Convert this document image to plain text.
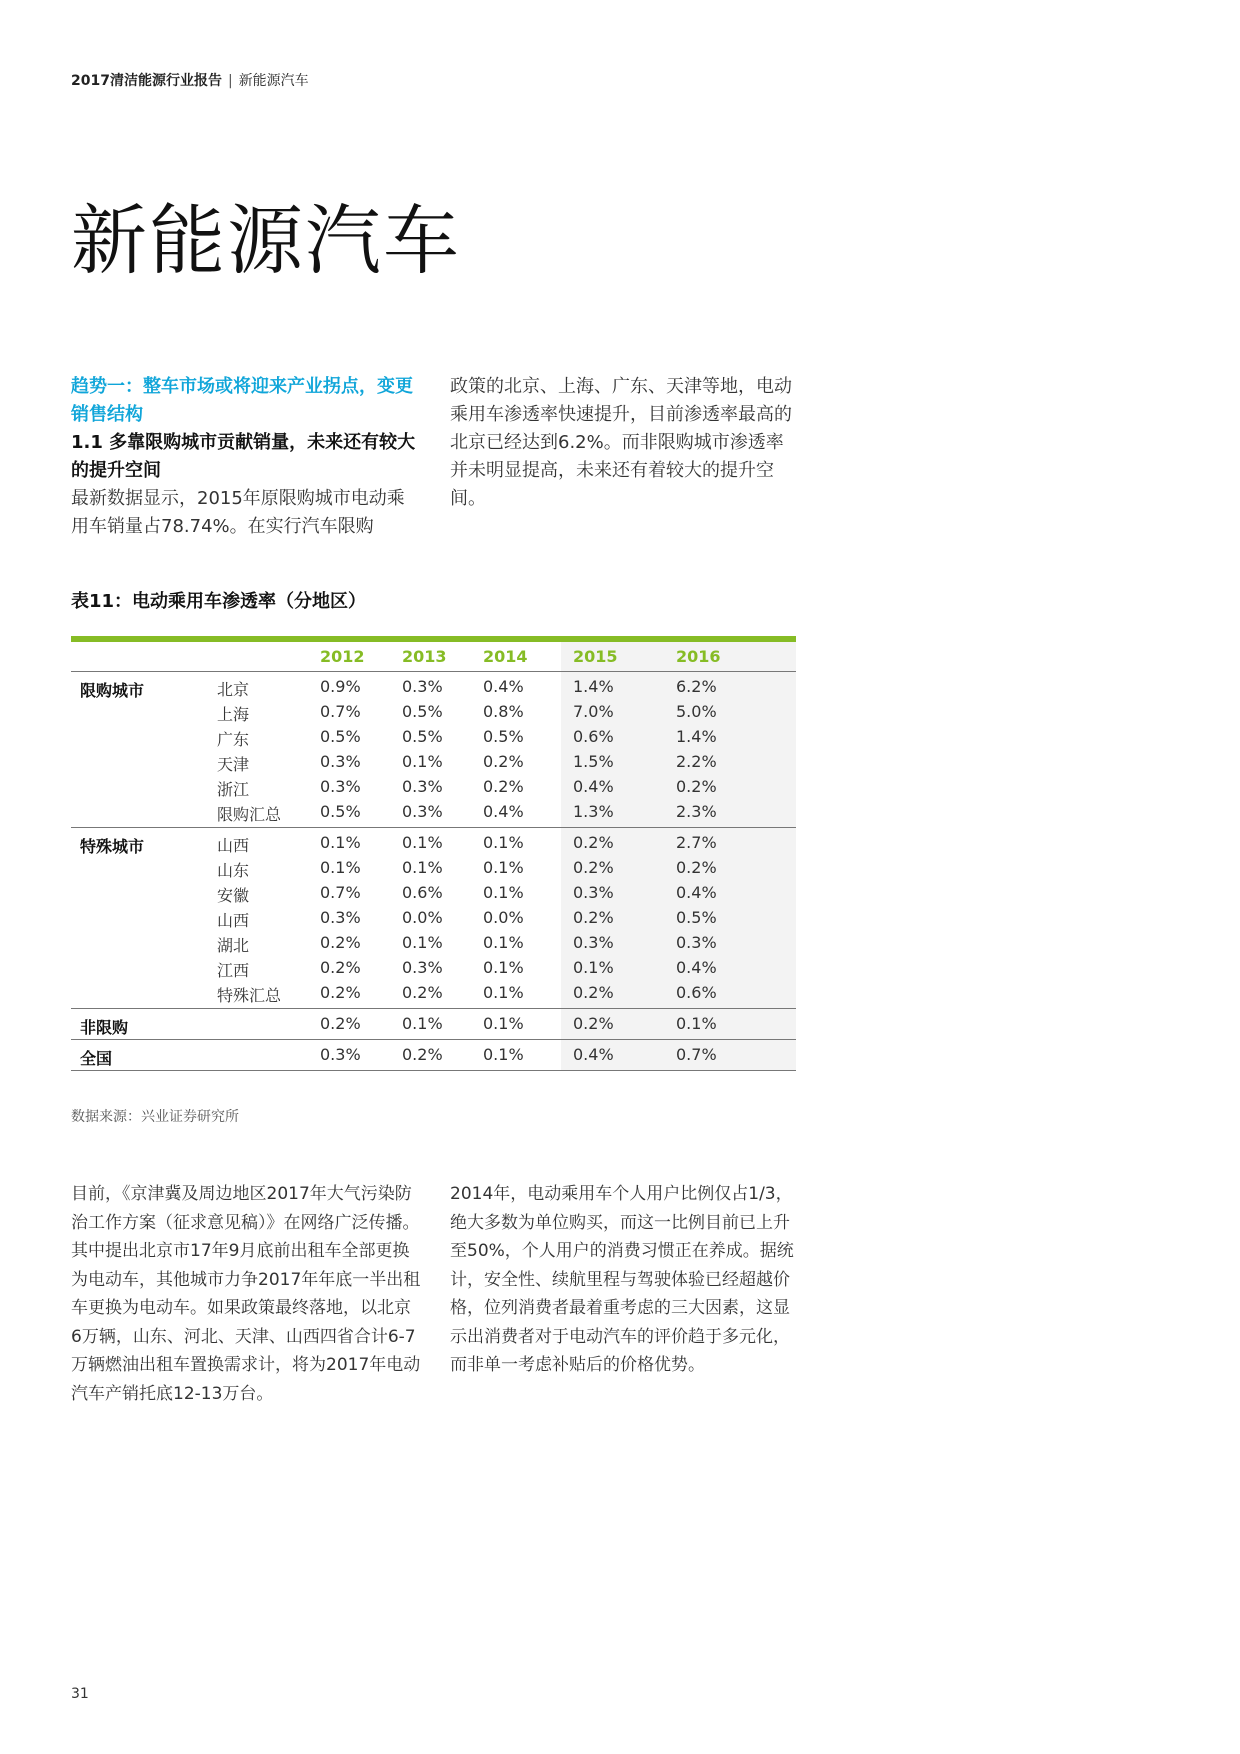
2017清洁能源行业报告 | 新能源汽车
新能源汽车
趋势一：整车市场或将迎来产业拐点，变更销售结构
1.1 多靠限购城市贡献销量，未来还有较大的提升空间

最新数据显示，2015年原限购城市电动乘用车销量占78.74%。在实行汽车限购

政策的北京、上海、广东、天津等地，电动乘用车渗透率快速提升，目前渗透率最高的北京已经达到6.2%。而非限购城市渗透率并未明显提高，未来还有着较大的提升空间。

表11：电动乘用车渗透率（分地区）
2012 2013 2014	2015	2016
限购城市	北京	0.9%	0.3%	0.4%	1.4%	6.2%
上海	0.7%	0.5%	0.8%	7.0%	5.0%
广东	0.5%	0.5%	0.5%	0.6%	1.4%
天津	0.3%	0.1%	0.2%	1.5%	2.2%
浙江	0.3%	0.3%	0.2%	0.4%	0.2%
限购汇总 0.5%	0.3%	0.4%	1.3%	2.3%
特殊城市	山西	0.1%	0.1%	0.1%	0.2%	2.7%
山东	0.1%	0.1%	0.1%	0.2%	0.2%
安徽	0.7%	0.6%	0.1%	0.3%	0.4%
山西	0.3%	0.0%	0.0%	0.2%	0.5%
湖北	0.2%	0.1%	0.1%	0.3%	0.3%
江西	0.2%	0.3%	0.1%	0.1%	0.4%
特殊汇总 0.2%	0.2%	0.1%	0.2%	0.6%
非限购	0.2%	0.1%	0.1%	0.2%	0.1%
全国	0.3%	0.2%	0.1%	0.4%	0.7%
数据来源：兴业证券研究所

目前，《京津冀及周边地区2017年大气污染防治工作方案（征求意见稿）》在网络广泛传播。其中提出北京市17年9月底前出租车全部更换为电动车，其他城市力争2017年年底一半出租车更换为电动车。如果政策最终落地，以北京6万辆，山东、河北、天津、山西四省合计6-7万辆燃油出租车置换需求计，将为2017年电动汽车产销托底12-13万台。

2014年，电动乘用车个人用户比例仅占1/3，绝大多数为单位购买，而这一比例目前已上升至50%，个人用户的消费习惯正在养成。据统计，安全性、续航里程与驾驶体验已经超越价格，位列消费者最着重考虑的三大因素，这显示出消费者对于电动汽车的评价趋于多元化，而非单一考虑补贴后的价格优势。

31
